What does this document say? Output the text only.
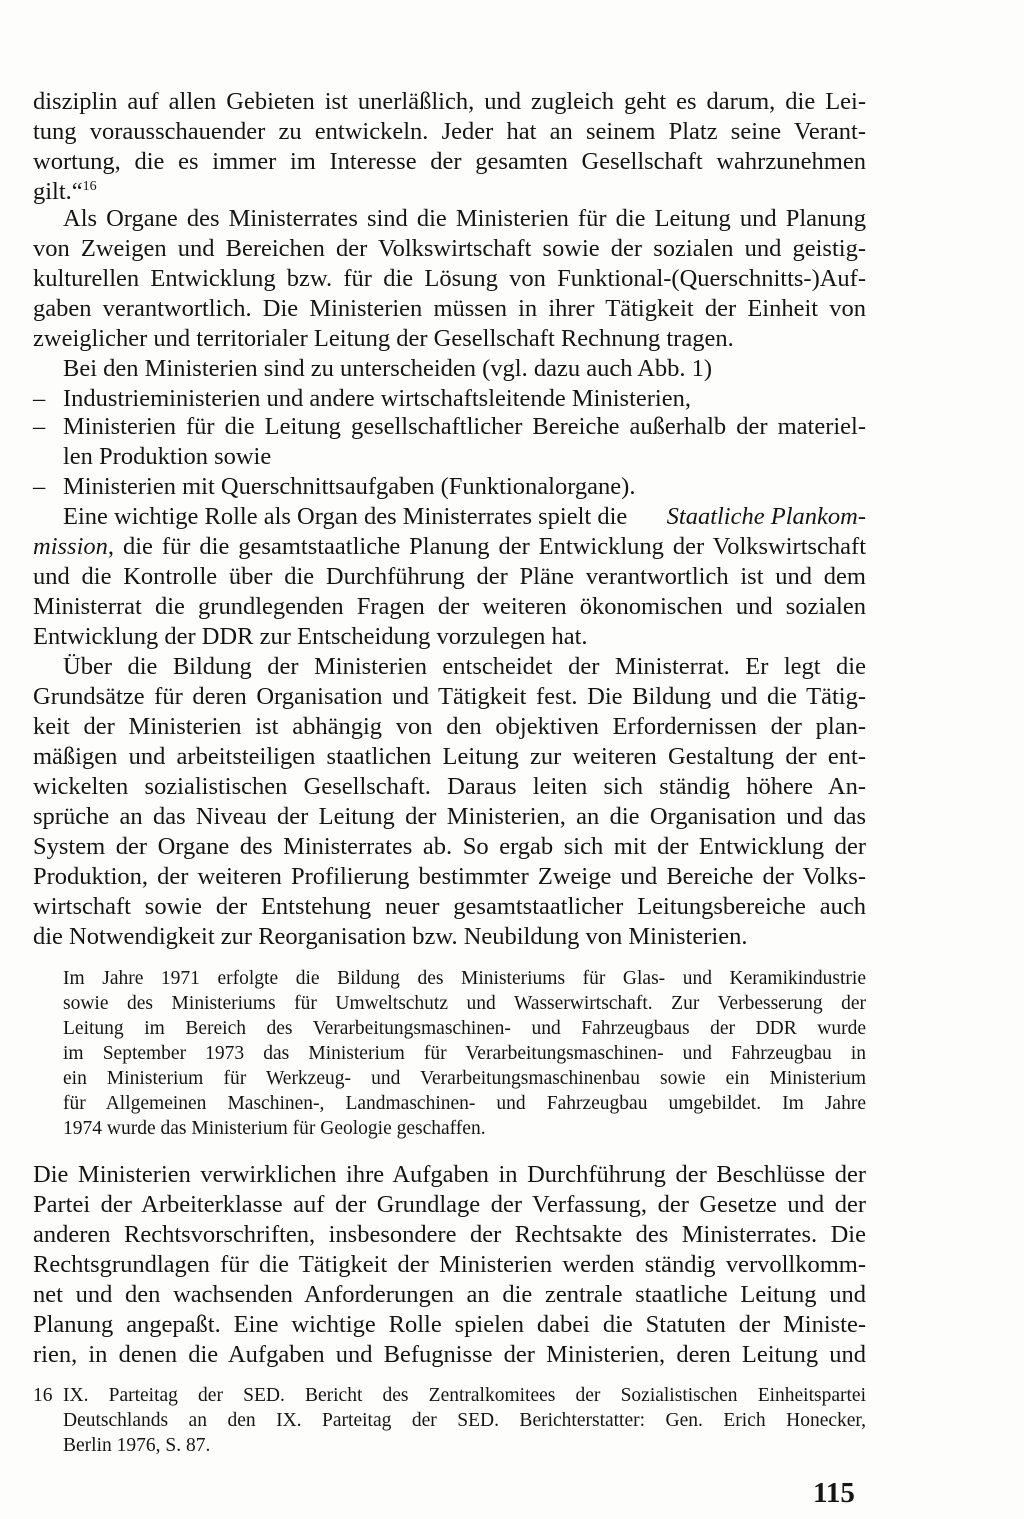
disziplin auf allen Gebieten ist unerläßlich, und zugleich geht es darum, die Lei-
tung vorausschauender zu entwickeln. Jeder hat an seinem Platz seine Verant-
wortung, die es immer im Interesse der gesamten Gesellschaft wahrzunehmen
gilt.“$^{16}$
Als Organe des Ministerrates sind die Ministerien für die Leitung und Planung
von Zweigen und Bereichen der Volkswirtschaft sowie der sozialen und geistig-
kulturellen Entwicklung bzw. für die Lösung von Funktional-(Querschnitts-)Auf-
gaben verantwortlich. Die Ministerien müssen in ihrer Tätigkeit der Einheit von
zweiglicher und territorialer Leitung der Gesellschaft Rechnung tragen.
Bei den Ministerien sind zu unterscheiden (vgl. dazu auch Abb. 1)
– Industrieministerien und andere wirtschaftsleitende Ministerien,
– Ministerien für die Leitung gesellschaftlicher Bereiche außerhalb der materiel-
len Produktion sowie
– Ministerien mit Querschnittsaufgaben (Funktionalorgane).
Eine wichtige Rolle als Organ des Ministerrates spielt die Staatliche Plankom-
mission , die für die gesamtstaatliche Planung der Entwicklung der Volkswirtschaft
und die Kontrolle über die Durchführung der Pläne verantwortlich ist und dem
Ministerrat die grundlegenden Fragen der weiteren ökonomischen und sozialen
Entwicklung der DDR zur Entscheidung vorzulegen hat.
Über die Bildung der Ministerien entscheidet der Ministerrat. Er legt die
Grundsätze für deren Organisation und Tätigkeit fest. Die Bildung und die Tätig-
keit der Ministerien ist abhängig von den objektiven Erfordernissen der plan-
mäßigen und arbeitsteiligen staatlichen Leitung zur weiteren Gestaltung der ent-
wickelten sozialistischen Gesellschaft. Daraus leiten sich ständig höhere An-
sprüche an das Niveau der Leitung der Ministerien, an die Organisation und das
System der Organe des Ministerrates ab. So ergab sich mit der Entwicklung der
Produktion, der weiteren Profilierung bestimmter Zweige und Bereiche der Volks-
wirtschaft sowie der Entstehung neuer gesamtstaatlicher Leitungsbereiche auch
die Notwendigkeit zur Reorganisation bzw. Neubildung von Ministerien.
Im Jahre 1971 erfolgte die Bildung des Ministeriums für Glas- und Keramikindustrie
sowie des Ministeriums für Umweltschutz und Wasserwirtschaft. Zur Verbesserung der
Leitung im Bereich des Verarbeitungsmaschinen- und Fahrzeugbaus der DDR wurde
im September 1973 das Ministerium für Verarbeitungsmaschinen- und Fahrzeugbau in
ein Ministerium für Werkzeug- und Verarbeitungsmaschinenbau sowie ein Ministerium
für Allgemeinen Maschinen-, Landmaschinen- und Fahrzeugbau umgebildet. Im Jahre
1974 wurde das Ministerium für Geologie geschaffen.
Die Ministerien verwirklichen ihre Aufgaben in Durchführung der Beschlüsse der
Partei der Arbeiterklasse auf der Grundlage der Verfassung, der Gesetze und der
anderen Rechtsvorschriften, insbesondere der Rechtsakte des Ministerrates. Die
Rechtsgrundlagen für die Tätigkeit der Ministerien werden ständig vervollkomm-
net und den wachsenden Anforderungen an die zentrale staatliche Leitung und
Planung angepaßt. Eine wichtige Rolle spielen dabei die Statuten der Ministe-
rien, in denen die Aufgaben und Befugnisse der Ministerien, deren Leitung und
16 IX. Parteitag der SED. Bericht des Zentralkomitees der Sozialistischen Einheitspartei
Deutschlands an den IX. Parteitag der SED. Berichterstatter: Gen. Erich Honecker,
Berlin 1976, S. 87.
115
